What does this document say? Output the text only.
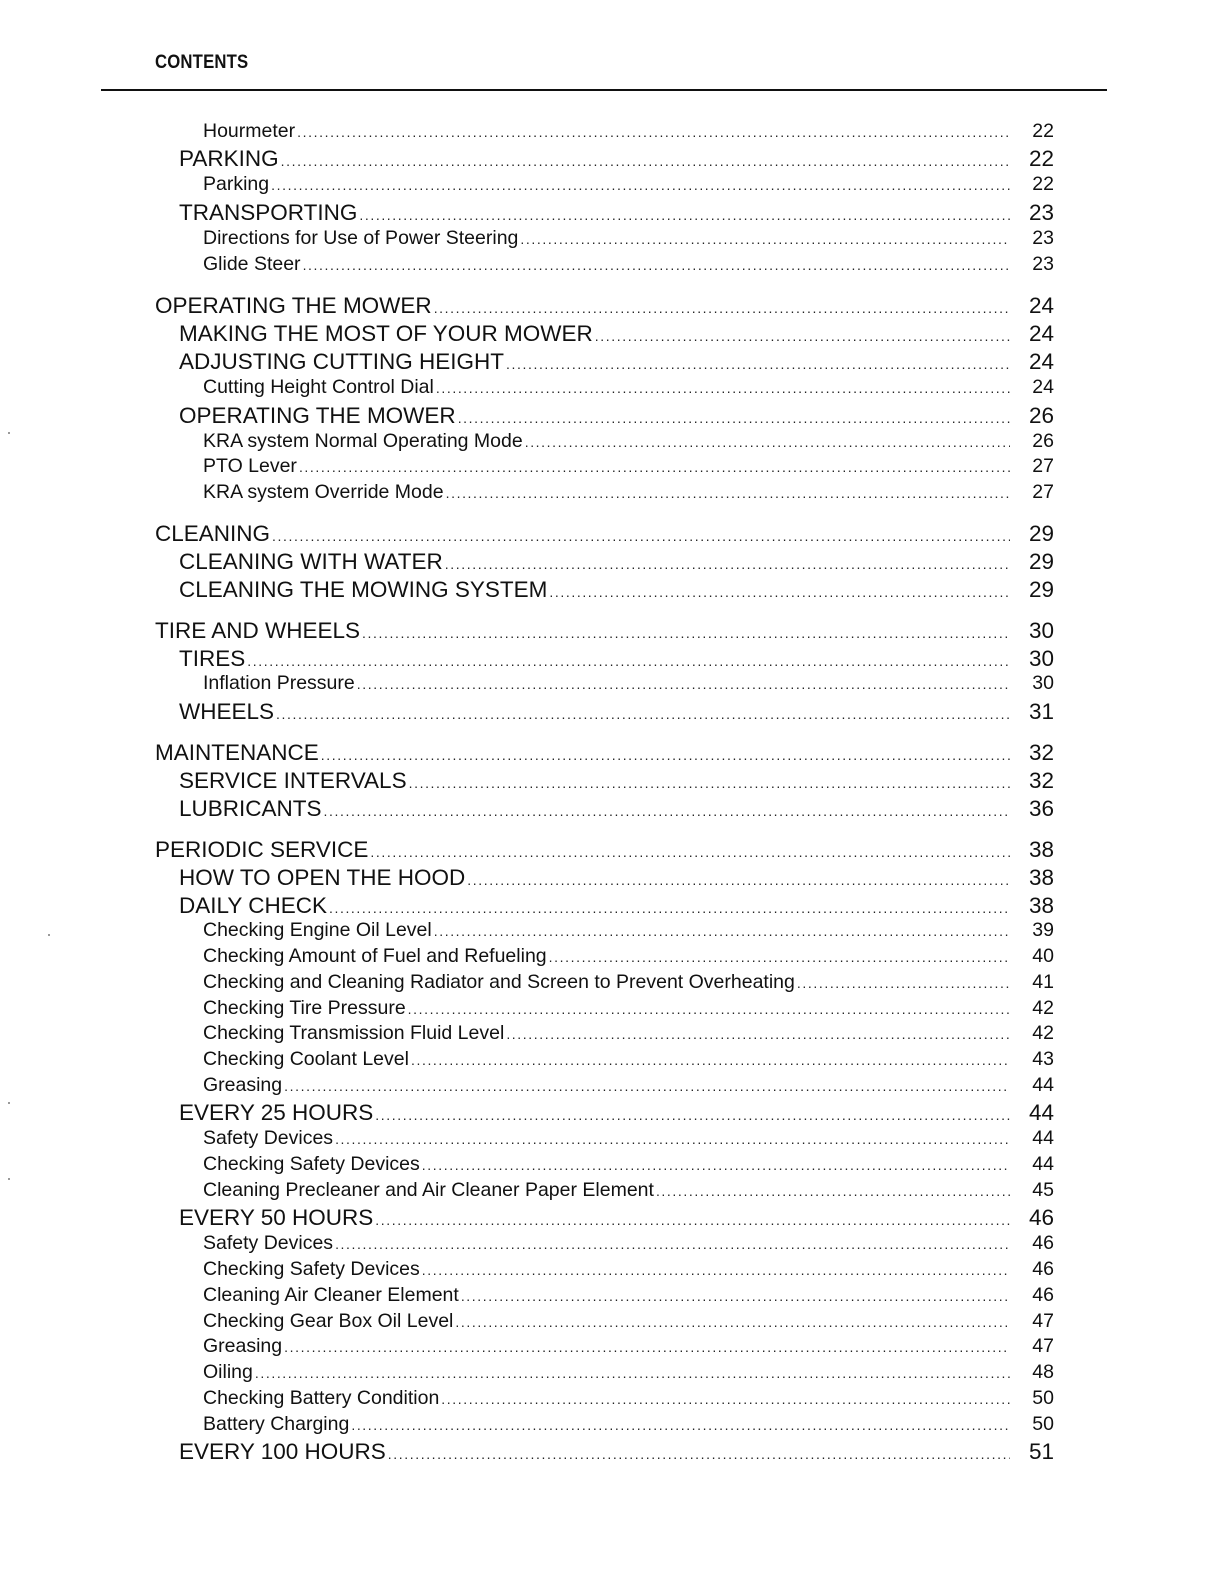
CONTENTS
Hourmeter .....	22
PARKING .....	22
Parking .....	22
TRANSPORTING .....	23
Directions for Use of Power Steering .....	23
Glide Steer .....	23
OPERATING THE MOWER .....	24
MAKING THE MOST OF YOUR MOWER .....	24
ADJUSTING CUTTING HEIGHT .....	24
Cutting Height Control Dial .....	24
OPERATING THE MOWER .....	26
KRA system Normal Operating Mode .....	26
PTO Lever .....	27
KRA system Override Mode .....	27
CLEANING .....	29
CLEANING WITH WATER .....	29
CLEANING THE MOWING SYSTEM .....	29
TIRE AND WHEELS .....	30
TIRES .....	30
Inflation Pressure .....	30
WHEELS .....	31
MAINTENANCE .....	32
SERVICE INTERVALS .....	32
LUBRICANTS .....	36
PERIODIC SERVICE .....	38
HOW TO OPEN THE HOOD .....	38
DAILY CHECK .....	38
Checking Engine Oil Level .....	39
Checking Amount of Fuel and Refueling .....	40
Checking and Cleaning Radiator and Screen to Prevent Overheating .....	41
Checking Tire Pressure .....	42
Checking Transmission Fluid Level .....	42
Checking Coolant Level .....	43
Greasing .....	44
EVERY 25 HOURS .....	44
Safety Devices .....	44
Checking Safety Devices .....	44
Cleaning Precleaner and Air Cleaner Paper Element .....	45
EVERY 50 HOURS .....	46
Safety Devices .....	46
Checking Safety Devices .....	46
Cleaning Air Cleaner Element .....	46
Checking Gear Box Oil Level .....	47
Greasing .....	47
Oiling .....	48
Checking Battery Condition .....	50
Battery Charging .....	50
EVERY 100 HOURS .....	51
